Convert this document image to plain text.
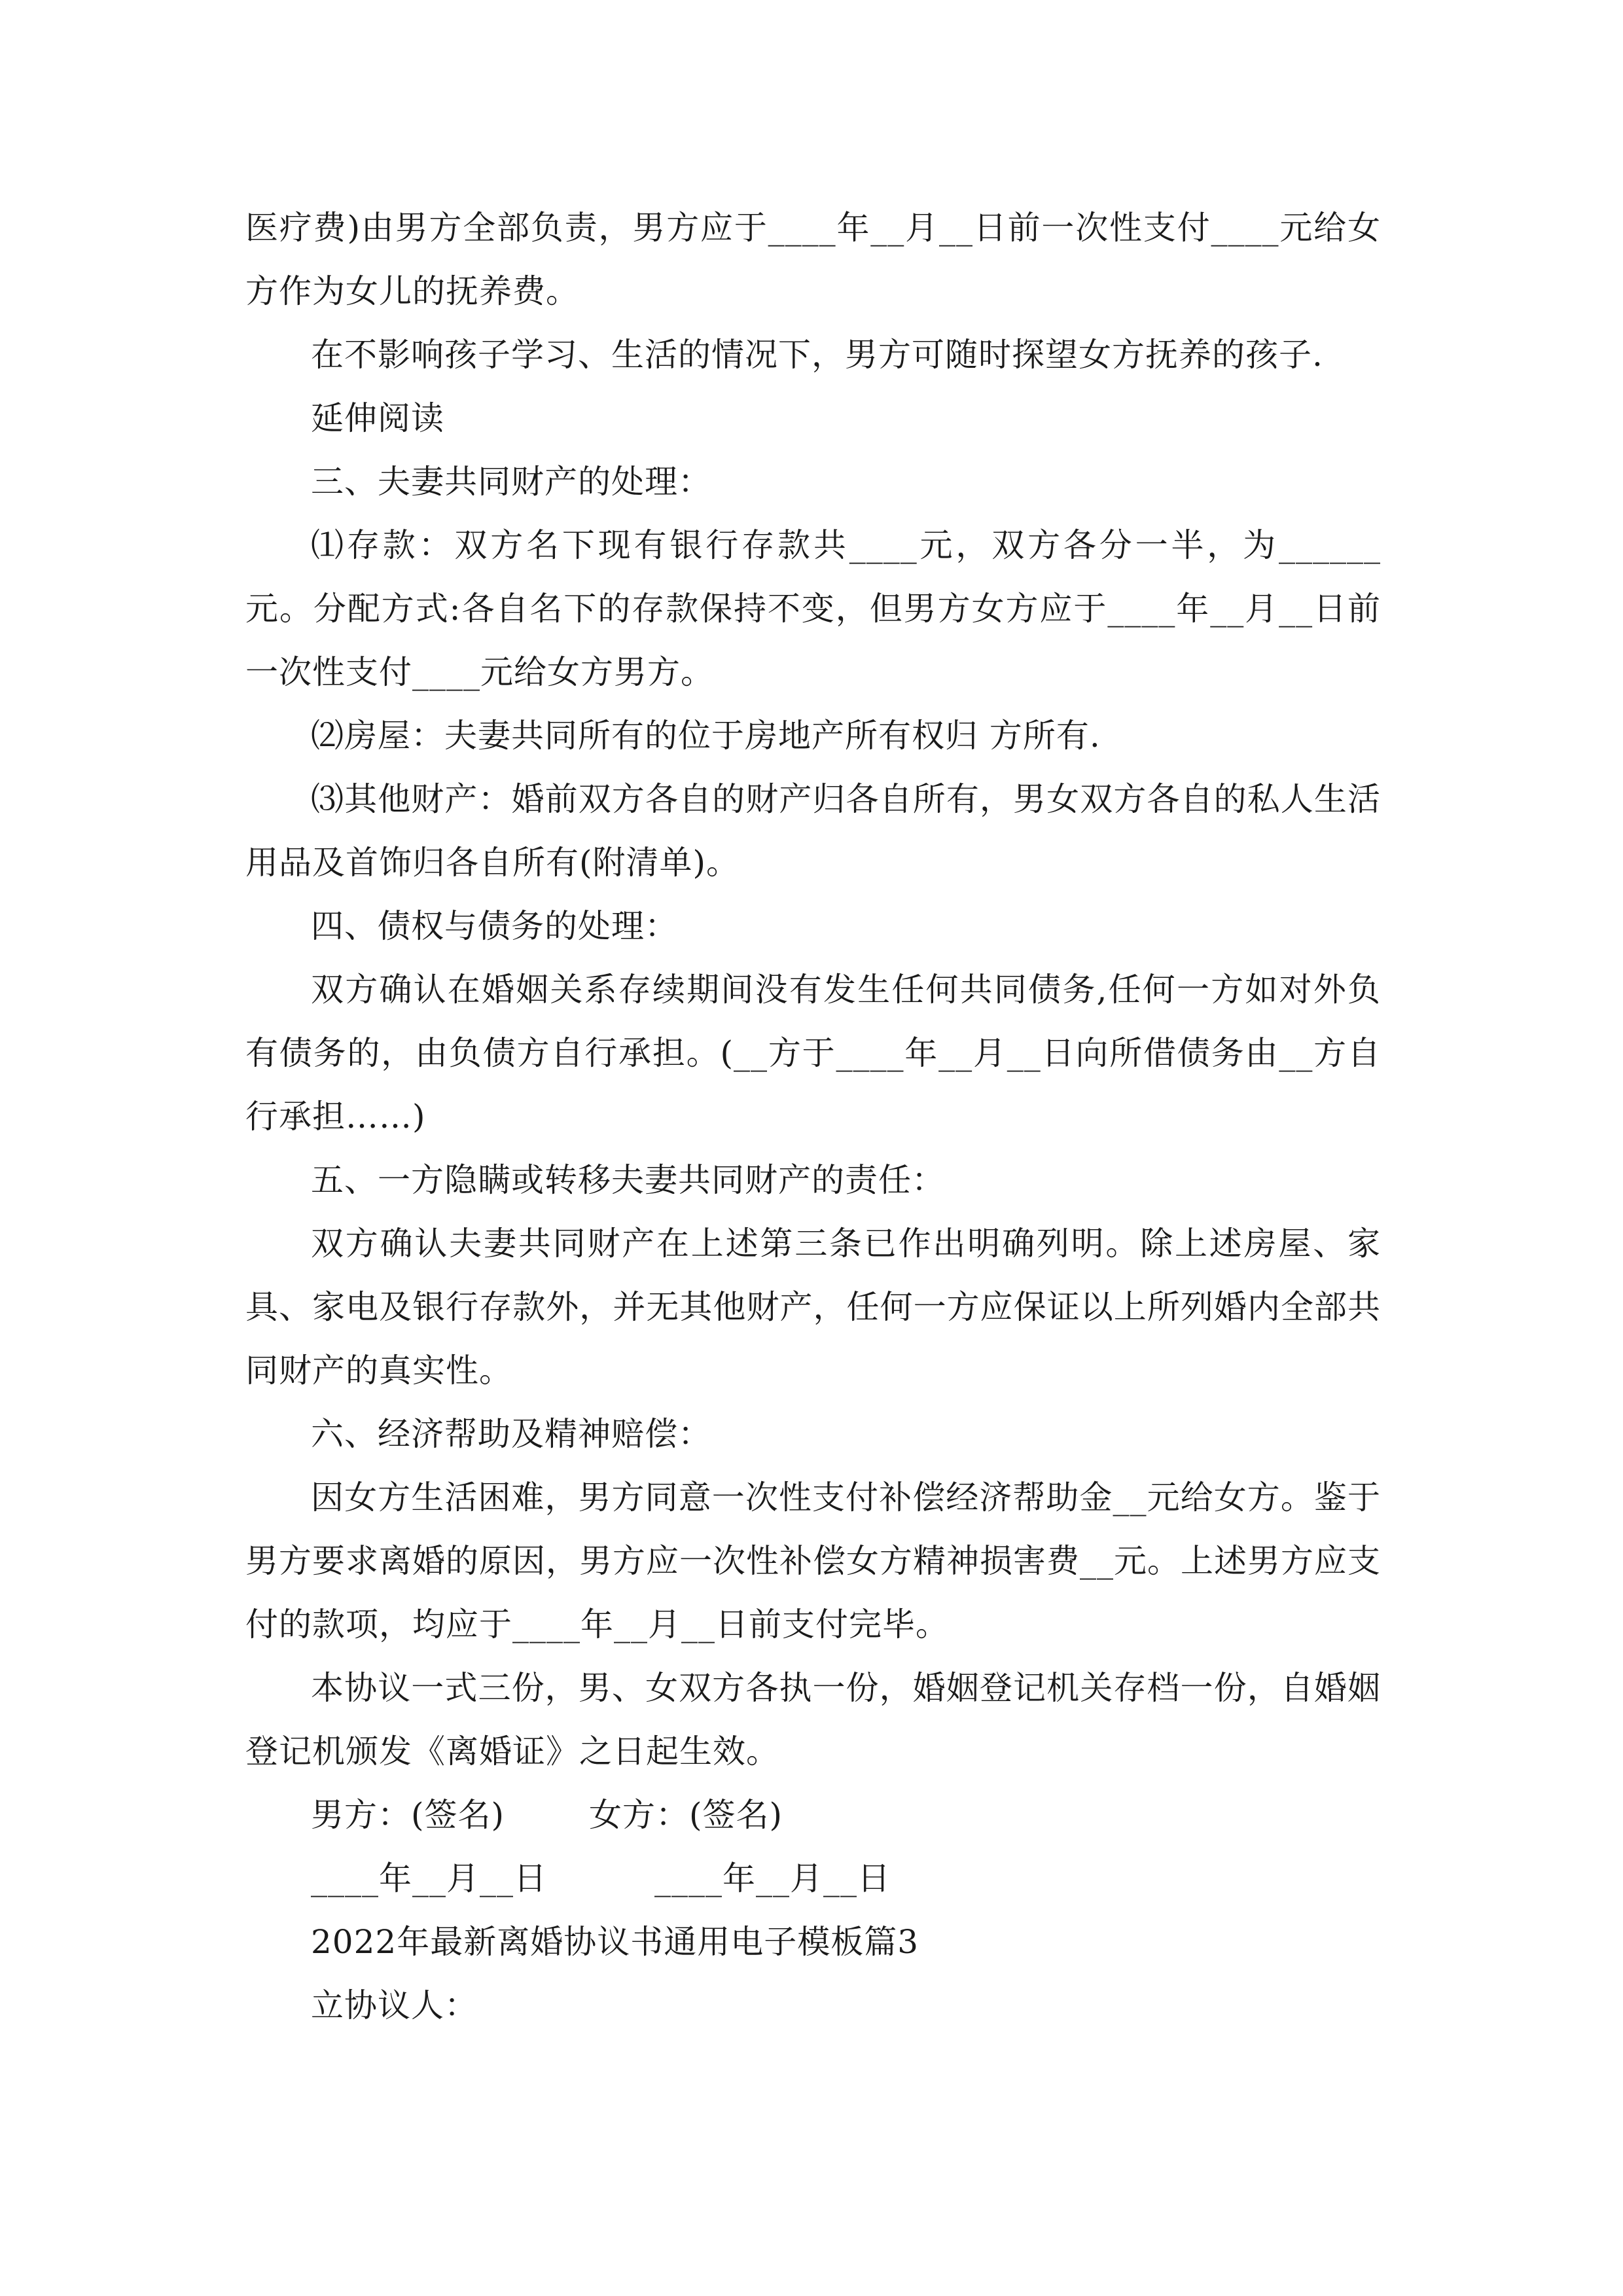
医疗费)由男方全部负责，男方应于____年__月__日前一次性支付____元给女方作为女儿的抚养费。

在不影响孩子学习、生活的情况下，男方可随时探望女方抚养的孩子.

延伸阅读

三、夫妻共同财产的处理：

⑴存款：双方名下现有银行存款共____元，双方各分一半，为______元。分配方式:各自名下的存款保持不变，但男方女方应于____年__月__日前一次性支付____元给女方男方。

⑵房屋：夫妻共同所有的位于房地产所有权归 方所有.

⑶其他财产：婚前双方各自的财产归各自所有，男女双方各自的私人生活用品及首饰归各自所有(附清单)。

四、债权与债务的处理：

双方确认在婚姻关系存续期间没有发生任何共同债务,任何一方如对外负有债务的，由负债方自行承担。(__方于____年__月__日向所借债务由__方自行承担……)

五、一方隐瞒或转移夫妻共同财产的责任：

双方确认夫妻共同财产在上述第三条已作出明确列明。除上述房屋、家具、家电及银行存款外，并无其他财产，任何一方应保证以上所列婚内全部共同财产的真实性。

六、经济帮助及精神赔偿：

因女方生活困难，男方同意一次性支付补偿经济帮助金__元给女方。鉴于男方要求离婚的原因，男方应一次性补偿女方精神损害费__元。上述男方应支付的款项，均应于____年__月__日前支付完毕。

本协议一式三份，男、女双方各执一份，婚姻登记机关存档一份，自婚姻登记机颁发《离婚证》之日起生效。

男方：(签名)	女方：(签名)
____年__月__日	____年__月__日

2022年最新离婚协议书通用电子模板篇3

立协议人：
